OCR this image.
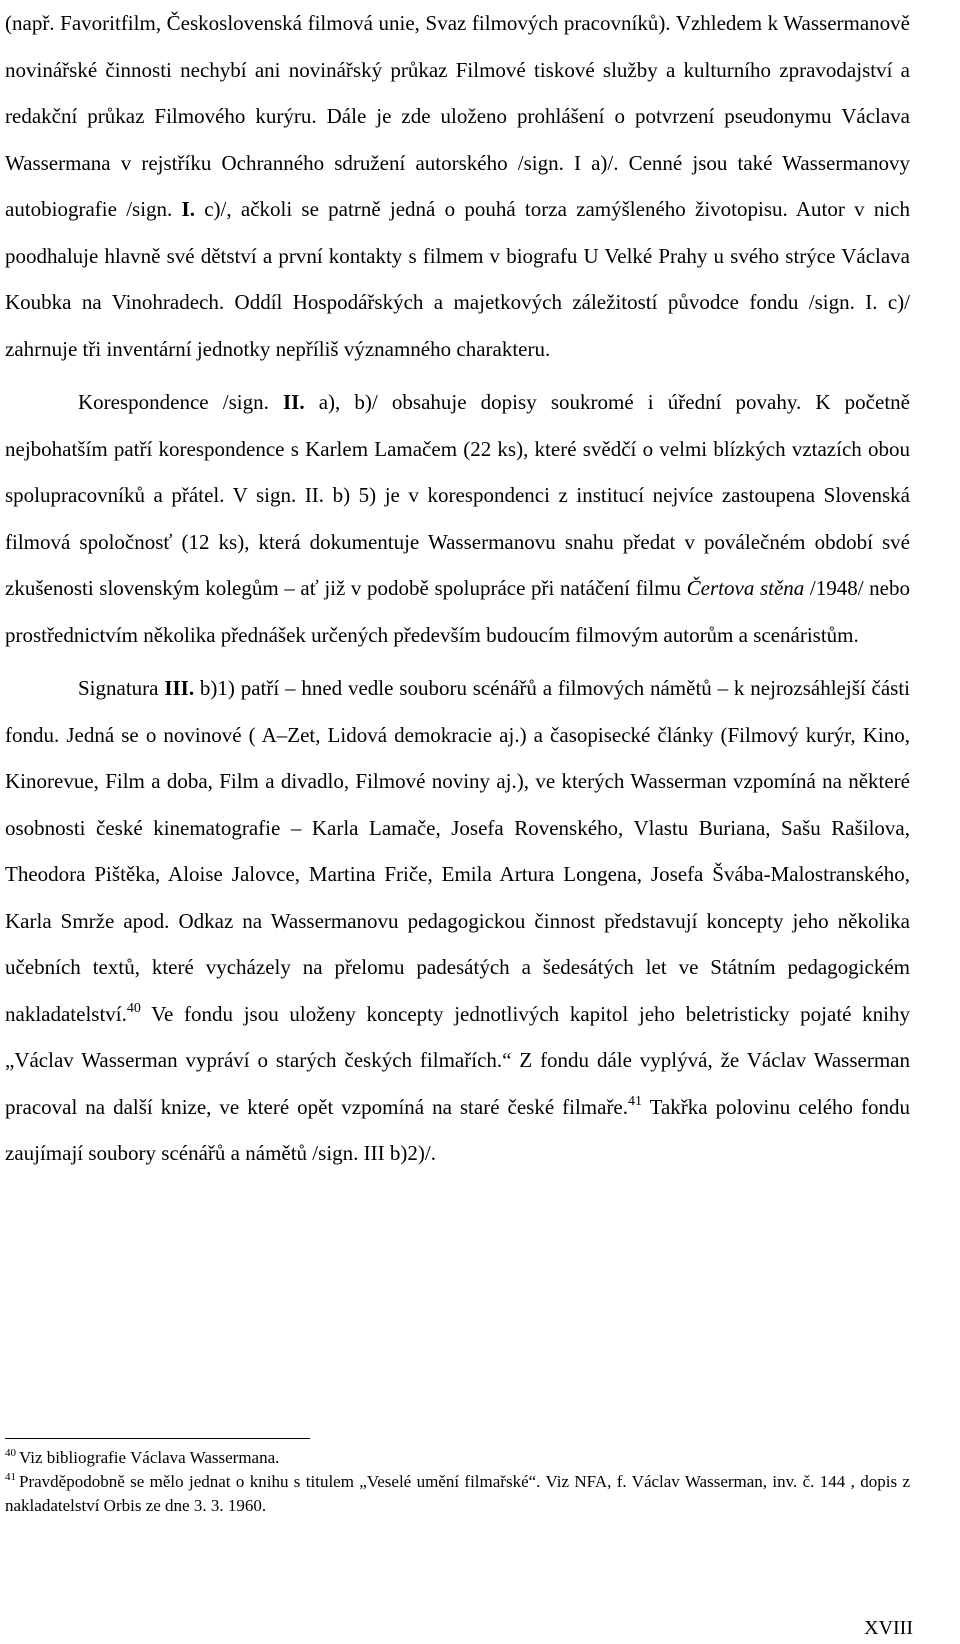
(např. Favoritfilm, Československá filmová unie, Svaz filmových pracovníků). Vzhledem k Wassermanově novinářské činnosti nechybí ani novinářský průkaz Filmové tiskové služby a kulturního zpravodajství a redakční průkaz Filmového kurýru. Dále je zde uloženo prohlášení o potvrzení pseudonymu Václava Wassermana v rejstříku Ochranného sdružení autorského /sign. I a)/. Cenné jsou také Wassermanovy autobiografie /sign. I. c)/, ačkoli se patrně jedná o pouhá torza zamýšleného životopisu. Autor v nich poodhaluje hlavně své dětství a první kontakty s filmem v biografu U Velké Prahy u svého strýce Václava Koubka na Vinohradech. Oddíl Hospodářských a majetkových záležitostí původce fondu /sign. I. c)/ zahrnuje tři inventární jednotky nepříliš významného charakteru.

Korespondence /sign. II. a), b)/ obsahuje dopisy soukromé i úřední povahy. K početně nejbohatším patří korespondence s Karlem Lamačem (22 ks), které svědčí o velmi blízkých vztazích obou spolupracovníků a přátel. V sign. II. b) 5) je v korespondenci z institucí nejvíce zastoupena Slovenská filmová spoločnosť (12 ks), která dokumentuje Wassermanovu snahu předat v poválečném období své zkušenosti slovenským kolegům – ať již v podobě spolupráce při natáčení filmu Čertova stěna /1948/ nebo prostřednictvím několika přednášek určených především budoucím filmovým autorům a scenáristům.

Signatura III. b)1) patří – hned vedle souboru scénářů a filmových námětů – k nejrozsáhlejší části fondu. Jedná se o novinové ( A–Zet, Lidová demokracie aj.) a časopisecké články (Filmový kurýr, Kino, Kinorevue, Film a doba, Film a divadlo, Filmové noviny aj.), ve kterých Wasserman vzpomíná na některé osobnosti české kinematografie – Karla Lamače, Josefa Rovenského, Vlastu Buriana, Sašu Rašilova, Theodora Pištěka, Aloise Jalovce, Martina Friče, Emila Artura Longena, Josefa Švába-Malostranského, Karla Smrže apod. Odkaz na Wassermanovu pedagogickou činnost představují koncepty jeho několika učebních textů, které vycházely na přelomu padesátých a šedesátých let ve Státním pedagogickém nakladatelství.$^{40}$ Ve fondu jsou uloženy koncepty jednotlivých kapitol jeho beletristicky pojaté knihy „Václav Wasserman vypráví o starých českých filmařích.“ Z fondu dále vyplývá, že Václav Wasserman pracoval na další knize, ve které opět vzpomíná na staré české filmaře.$^{41}$ Takřka polovinu celého fondu zaujímají soubory scénářů a námětů /sign. III b)2)/.

$^{40}$ Viz bibliografie Václava Wassermana.

$^{41}$ Pravděpodobně se mělo jednat o knihu s titulem „Veselé umění filmařské“. Viz NFA, f. Václav Wasserman, inv. č. 144 , dopis z nakladatelství Orbis ze dne 3. 3. 1960.

XVIII
